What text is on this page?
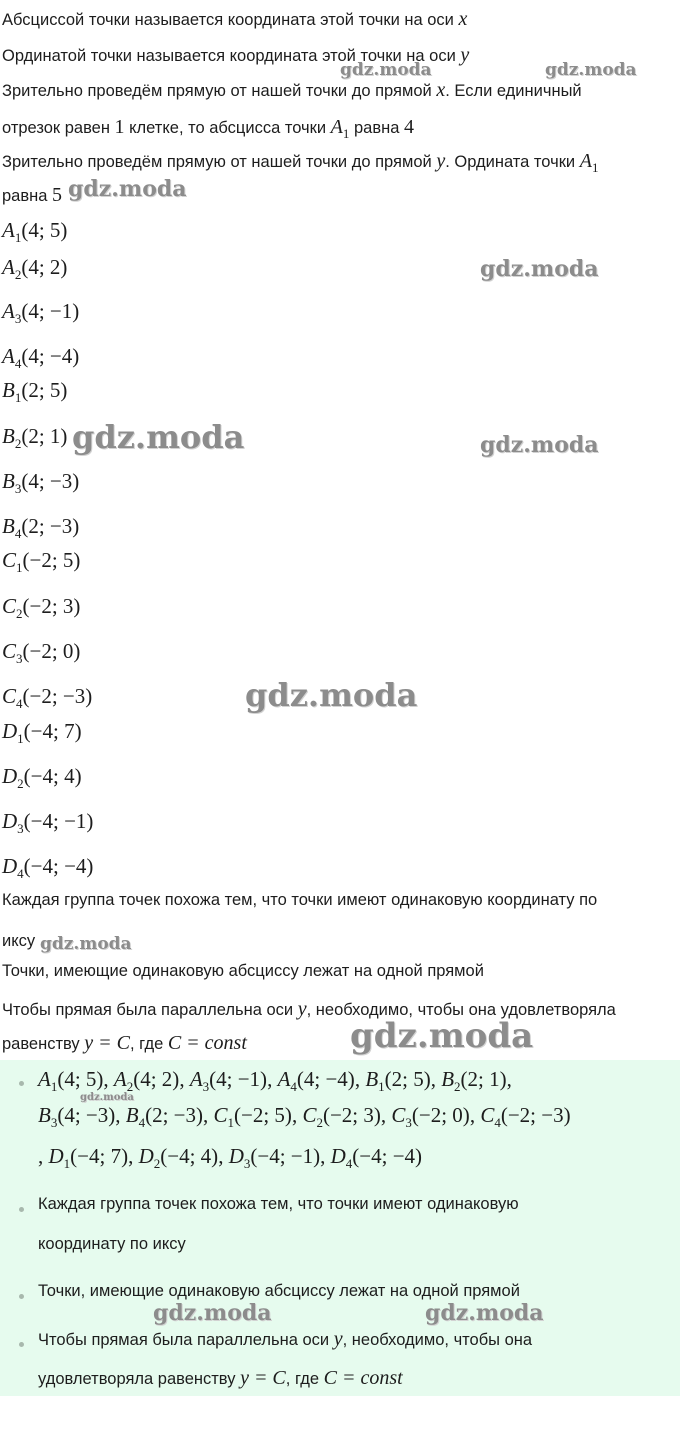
Абсциссой точки называется координата этой точки на оси x
Ординатой точки называется координата этой точки на оси y
Зрительно проведём прямую от нашей точки до прямой x. Если единичный
отрезок равен 1 клетке, то абсцисса точки $A_1$ равна 4
Зрительно проведём прямую от нашей точки до прямой y. Ордината точки $A_1$
равна 5
$A_1(4$; 5)
$A_2(4$; 2)
$A_3(4$; −1)
$A_4(4$; −4)
$B_1(2$; 5)
$B_2(2$; 1)
$B_3(4$; −3)
$B_4(2$; −3)
$C_1(-2$; 5)
$C_2(-2$; 3)
$C_3(-2$; 0)
$C_4(-2$; −3)
$D_1(-4$; 7)
$D_2(-4$; 4)
$D_3(-4$; −1)
$D_4(-4$; −4)
Каждая группа точек похожа тем, что точки имеют одинаковую координату по
иксу
Точки, имеющие одинаковую абсциссу лежат на одной прямой
Чтобы прямая была параллельна оси y, необходимо, чтобы она удовлетворяла
равенству y = C, где C = const
$A_1(4$; 5), $A_2(4$; 2), $A_3(4$; −1), $A_4(4$; −4), $B_1(2$; 5), $B_2(2$; 1),
$B_3(4$; −3), $B_4(2$; −3), $C_1(-2$; 5), $C_2(-2$; 3), $C_3(-2$; 0), $C_4(-2$; −3)
, $D_1(-4$; 7), $D_2(-4$; 4), $D_3(-4$; −1), $D_4(-4$; −4)
Каждая группа точек похожа тем, что точки имеют одинаковую
координату по иксу
Точки, имеющие одинаковую абсциссу лежат на одной прямой
Чтобы прямая была параллельна оси y, необходимо, чтобы она
удовлетворяла равенству y = C, где C = const
gdz.moda	gdz.moda
gdz.moda
gdz.moda
gdz.moda	gdz.moda
gdz.moda
gdz.moda
gdz.moda
gdz.moda
gdz.moda	gdz.moda
